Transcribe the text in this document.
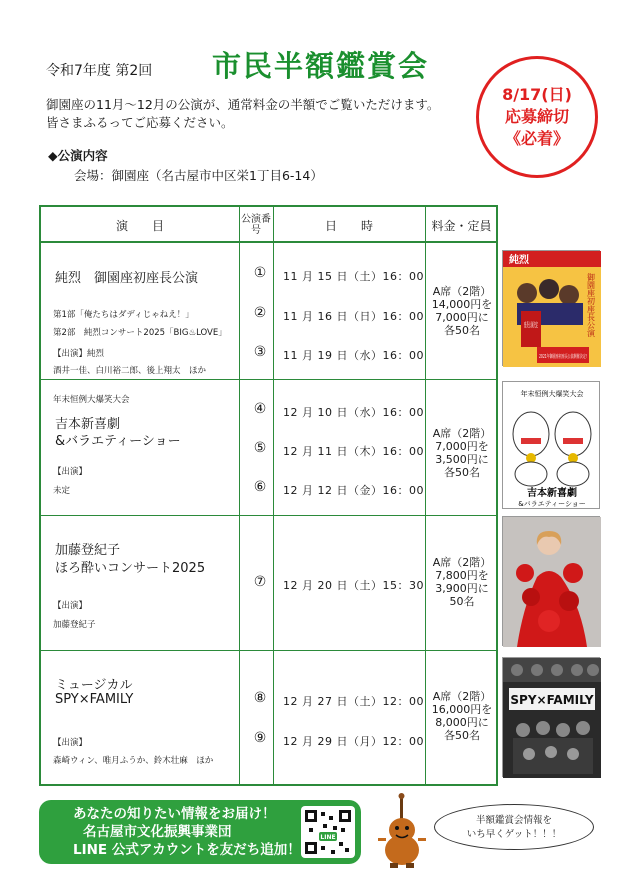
令和7年度 第2回 市民半額鑑賞会
8/17(日)
応募締切
《必着》
御園座の11月～12月の公演が、通常料金の半額でご覧いただけます。
皆さまふるってご応募ください。
◆公演内容
会場：御園座（名古屋市中区栄1丁目6-14）
演　　目	公演番号	日　　時	料金・定員
純烈　御園座初座長公演
第1部「俺たちはダディじゃねえ！」
第2部　純烈コンサート2025「BIG♨LOVE」
【出演】純烈
酒井一佳、白川裕二郎、後上翔太　ほか
①	11 月 15 日（土）16：00
②	11 月 16 日（日）16：00
③	11 月 19 日（水）16：00
A席（2階）
14,000円を
7,000円に
各50名
年末恒例大爆笑大会
吉本新喜劇
&バラエティーショー
【出演】
未定
④	12 月 10 日（水）16：00
⑤	12 月 11 日（木）16：00
⑥	12 月 12 日（金）16：00
A席（2階）
7,000円を
3,500円に
各50名
加藤登紀子
ほろ酔いコンサート2025
【出演】
加藤登紀子
⑦	12 月 20 日（土）15：30
A席（2階）
7,800円を
3,900円に
50名
ミュージカル
SPY×FAMILY
【出演】
森崎ウィン、唯月ふうか、鈴木壮麻　ほか
⑧	12 月 27 日（土）12：00
⑨	12 月 29 日（月）12：00
A席（2階）
16,000円を
8,000円に
各50名
純烈
御園座初座長公演
2021年御園座初座長公演開催決定!
年末恒例大爆笑大会
吉本新喜劇
&バラエティーショー
SPY×FAMILY
あなたの知りたい情報をお届け！
名古屋市文化振興事業団
LINE 公式アカウントを友だち追加！
LINE
半額鑑賞会情報を
いち早くゲット！！！
